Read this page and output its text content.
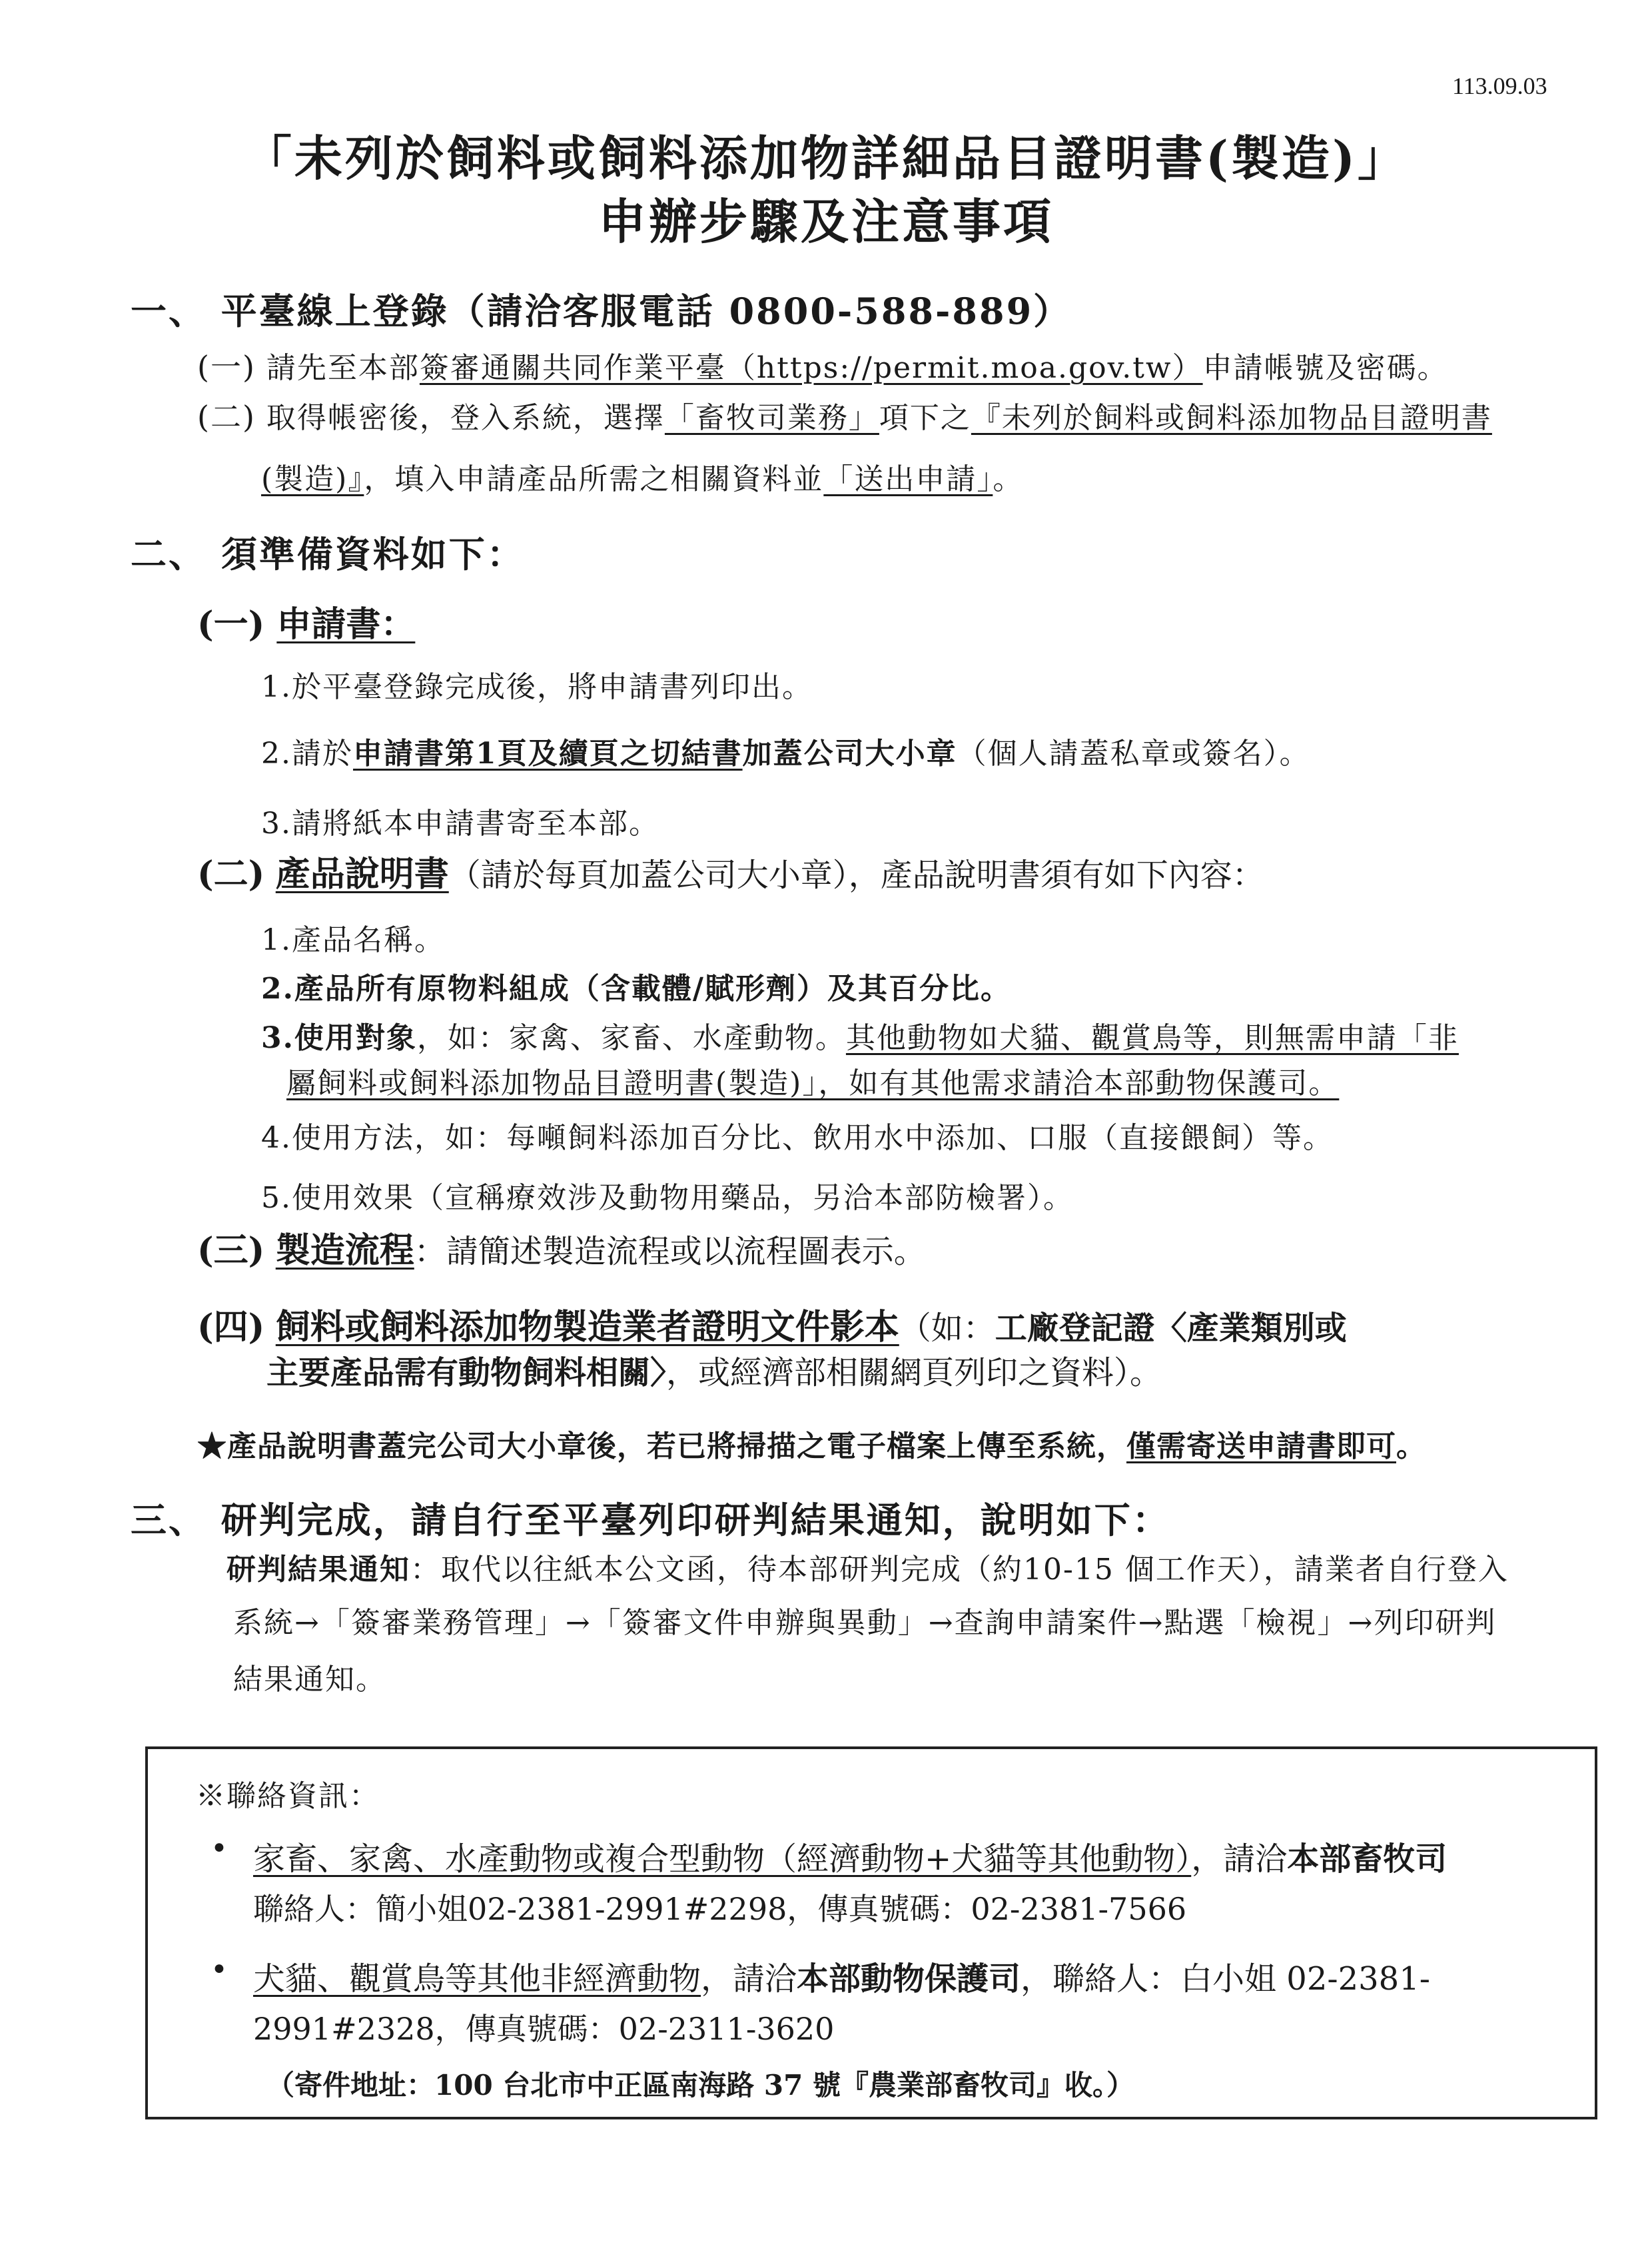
113.09.03
「未列於飼料或飼料添加物詳細品目證明書(製造)」
申辦步驟及注意事項
一、 平臺線上登錄（請洽客服電話 0800-588-889）
(一) 請先至本部簽審通關共同作業平臺（https://permit.moa.gov.tw）申請帳號及密碼。
(二) 取得帳密後，登入系統，選擇「畜牧司業務」項下之『未列於飼料或飼料添加物品目證明書
(製造)』，填入申請產品所需之相關資料並「送出申請」。
二、 須準備資料如下：
(一) 申請書：
1.於平臺登錄完成後，將申請書列印出。
2.請於申請書第1頁及續頁之切結書加蓋公司大小章（個人請蓋私章或簽名）。
3.請將紙本申請書寄至本部。
(二) 產品說明書（請於每頁加蓋公司大小章），產品說明書須有如下內容：
1.產品名稱。
2.產品所有原物料組成（含載體/賦形劑）及其百分比。
3.使用對象，如：家禽、家畜、水產動物。其他動物如犬貓、觀賞鳥等，則無需申請「非
屬飼料或飼料添加物品目證明書(製造)」，如有其他需求請洽本部動物保護司。
4.使用方法，如：每噸飼料添加百分比、飲用水中添加、口服（直接餵飼）等。
5.使用效果（宣稱療效涉及動物用藥品，另洽本部防檢署）。
(三) 製造流程：請簡述製造流程或以流程圖表示。
(四) 飼料或飼料添加物製造業者證明文件影本（如：工廠登記證〈產業類別或
主要產品需有動物飼料相關〉，或經濟部相關網頁列印之資料）。
★產品說明書蓋完公司大小章後，若已將掃描之電子檔案上傳至系統，僅需寄送申請書即可。
三、 研判完成，請自行至平臺列印研判結果通知，說明如下：
研判結果通知：取代以往紙本公文函，待本部研判完成（約10-15 個工作天），請業者自行登入
系統→「簽審業務管理」→「簽審文件申辦與異動」→查詢申請案件→點選「檢視」→列印研判
結果通知。
※聯絡資訊：
• 家畜、家禽、水產動物或複合型動物（經濟動物+犬貓等其他動物），請洽本部畜牧司
聯絡人：簡小姐02-2381-2991#2298，傳真號碼：02-2381-7566
• 犬貓、觀賞鳥等其他非經濟動物，請洽本部動物保護司，聯絡人：白小姐 02-2381-
2991#2328，傳真號碼：02-2311-3620
（寄件地址：100 台北市中正區南海路 37 號『農業部畜牧司』收。）
